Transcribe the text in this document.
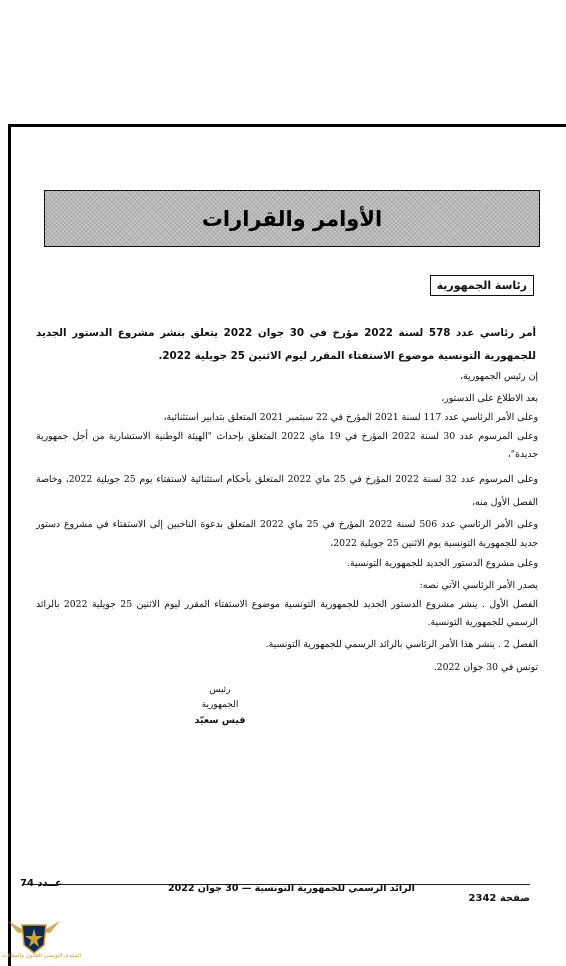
الأوامر والقرارات
رئاسة الجمهورية
أمر رئاسي عدد 578 لسنة 2022 مؤرخ في 30 جوان 2022 يتعلق بنشر مشروع الدستور الجديد للجمهورية التونسية موضوع الاستفتاء المقرر ليوم الاثنين 25 جويلية 2022.

إن رئيس الجمهورية،

بعد الاطلاع على الدستور،

وعلى الأمر الرئاسي عدد 117 لسنة 2021 المؤرخ في 22 سبتمبر 2021 المتعلق بتدابير استثنائية،

وعلى المرسوم عدد 30 لسنة 2022 المؤرخ في 19 ماي 2022 المتعلق بإحداث "الهيئة الوطنية الاستشارية من أجل جمهورية جديدة"،

وعلى المرسوم عدد 32 لسنة 2022 المؤرخ في 25 ماي 2022 المتعلق بأحكام استثنائية لاستفتاء يوم 25 جويلية 2022، وخاصة الفصل الأول منه،

وعلى الأمر الرئاسي عدد 506 لسنة 2022 المؤرخ في 25 ماي 2022 المتعلق بدعوة الناخبين إلى الاستفتاء في مشروع دستور جديد للجمهورية التونسية يوم الاثنين 25 جويلية 2022،

وعلى مشروع الدستور الجديد للجمهورية التونسية.

يصدر الأمر الرئاسي الآتي نصه:

الفصل الأول . ينشر مشروع الدستور الجديد للجمهورية التونسية موضوع الاستفتاء المقرر ليوم الاثنين 25 جويلية 2022 بالرائد الرسمي للجمهورية التونسية.

الفصل 2 . ينشر هذا الأمر الرئاسي بالرائد الرسمي للجمهورية التونسية.

تونس في 30 جوان 2022.

رئيس الجمهورية
قيس سعيّد
صفحة 2342
الرائد الرسمي للجمهورية التونسية — 30 جوان 2022
عــدد 74
المنتدى التونسي للقانون والمقالات
